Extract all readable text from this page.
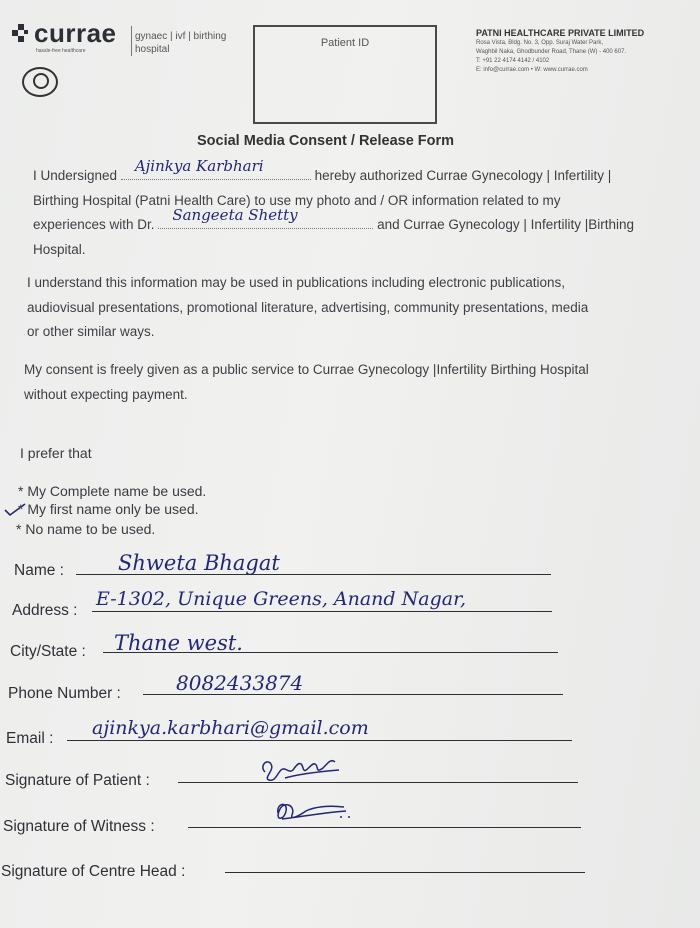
currae
hassle-free healthcare
gynaec | ivf | birthing hospital
Patient ID
PATNI HEALTHCARE PRIVATE LIMITED
Rosa Vista, Bldg. No. 3, Opp. Suraj Water Park,
Waghbil Naka, Ghodbunder Road, Thane (W) - 400 607.
T: +91 22 4174 4142 / 4102
E: info@currae.com • W: www.currae.com
Social Media Consent / Release Form
I Undersigned
Ajinkya Karbhari
hereby authorized Currae Gynecology | Infertility |
Birthing Hospital (Patni Health Care) to use my photo and / OR information related to my
experiences with Dr.
Sangeeta Shetty
and Currae Gynecology | Infertility |Birthing
Hospital.
I understand this information may be used in publications including electronic publications,
audiovisual presentations, promotional literature, advertising, community presentations, media
or other similar ways.
My consent is freely given as a public service to Currae Gynecology |Infertility Birthing Hospital
without expecting payment.
I prefer that
* My Complete name be used.
* My first name only be used.
* No name to be used.
Name :	Shweta Bhagat
Address :
E-1302, Unique Greens, Anand Nagar,
City/State : Thane west.
Phone Number :	8082433874
Email : ajinkya.karbhari@gmail.com
Signature of Patient :
Signature of Witness :
Signature of Centre Head :
